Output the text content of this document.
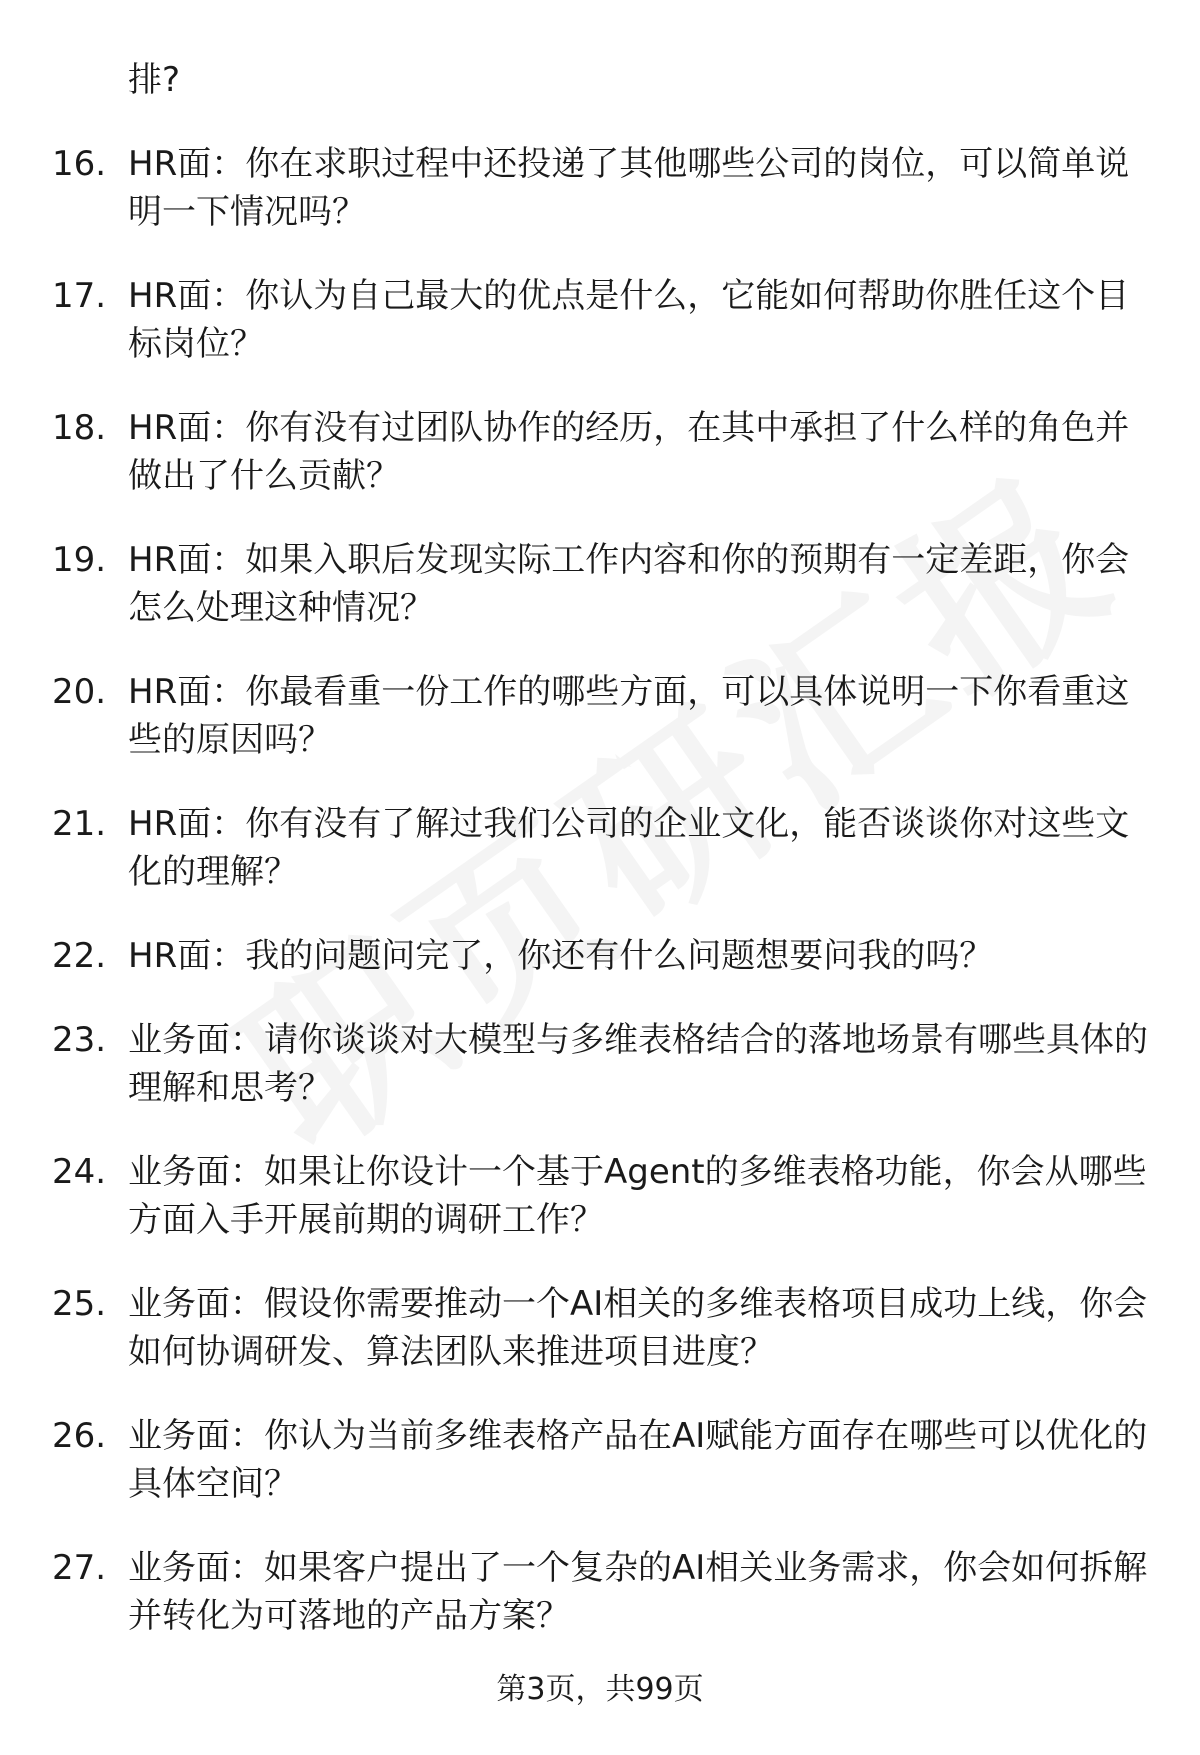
排?
16. HR面：你在求职过程中还投递了其他哪些公司的岗位，可以简单说明一下情况吗？
17. HR面：你认为自己最大的优点是什么，它能如何帮助你胜任这个目标岗位？
18. HR面：你有没有过团队协作的经历，在其中承担了什么样的角色并做出了什么贡献？
19. HR面：如果入职后发现实际工作内容和你的预期有一定差距，你会怎么处理这种情况？
20. HR面：你最看重一份工作的哪些方面，可以具体说明一下你看重这些的原因吗？
21. HR面：你有没有了解过我们公司的企业文化，能否谈谈你对这些文化的理解？
22. HR面：我的问题问完了，你还有什么问题想要问我的吗？
23. 业务面：请你谈谈对大模型与多维表格结合的落地场景有哪些具体的理解和思考？
24. 业务面：如果让你设计一个基于Agent的多维表格功能，你会从哪些方面入手开展前期的调研工作？
25. 业务面：假设你需要推动一个AI相关的多维表格项目成功上线，你会如何协调研发、算法团队来推进项目进度？
26. 业务面：你认为当前多维表格产品在AI赋能方面存在哪些可以优化的具体空间？
27. 业务面：如果客户提出了一个复杂的AI相关业务需求，你会如何拆解并转化为可落地的产品方案？
第3页，共99页
